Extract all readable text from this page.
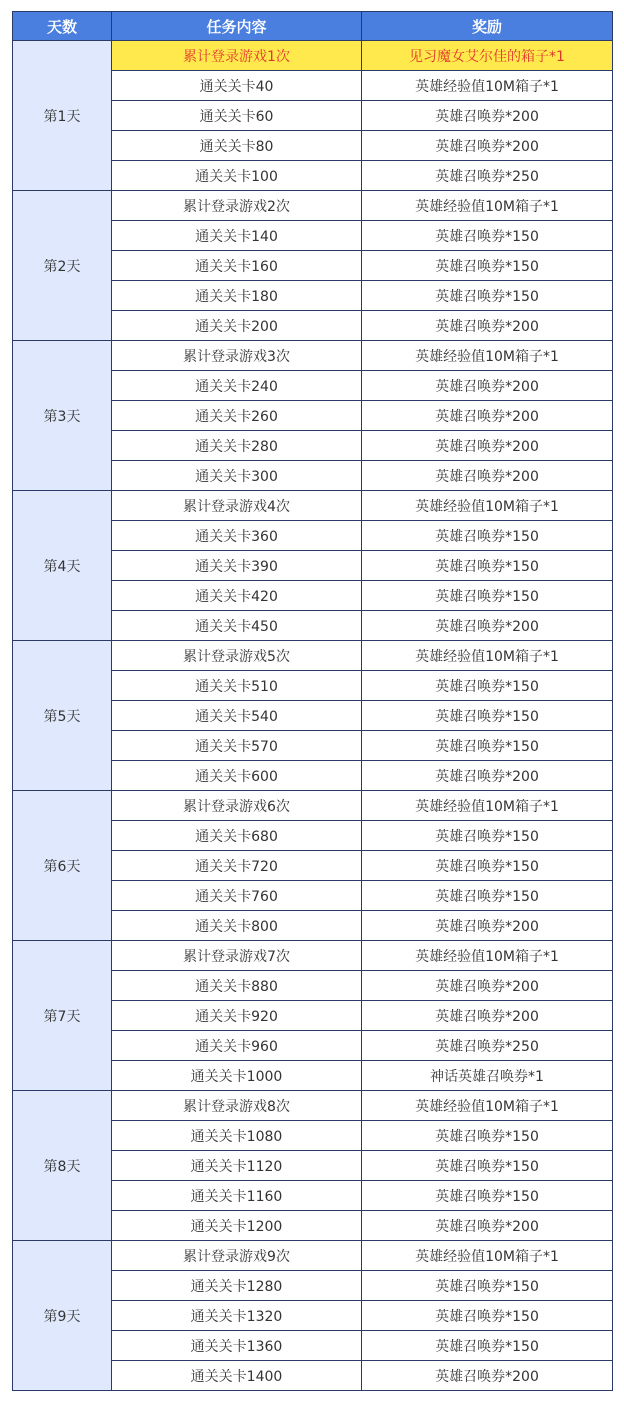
天数	任务内容	奖励
第1天	累计登录游戏1次	见习魔女艾尔佳的箱子*1
	通关关卡40	英雄经验值10M箱子*1
	通关关卡60	英雄召唤券*200
	通关关卡80	英雄召唤券*200
	通关关卡100	英雄召唤券*250
第2天	累计登录游戏2次	英雄经验值10M箱子*1
	通关关卡140	英雄召唤券*150
	通关关卡160	英雄召唤券*150
	通关关卡180	英雄召唤券*150
	通关关卡200	英雄召唤券*200
第3天	累计登录游戏3次	英雄经验值10M箱子*1
	通关关卡240	英雄召唤券*200
	通关关卡260	英雄召唤券*200
	通关关卡280	英雄召唤券*200
	通关关卡300	英雄召唤券*200
第4天	累计登录游戏4次	英雄经验值10M箱子*1
	通关关卡360	英雄召唤券*150
	通关关卡390	英雄召唤券*150
	通关关卡420	英雄召唤券*150
	通关关卡450	英雄召唤券*200
第5天	累计登录游戏5次	英雄经验值10M箱子*1
	通关关卡510	英雄召唤券*150
	通关关卡540	英雄召唤券*150
	通关关卡570	英雄召唤券*150
	通关关卡600	英雄召唤券*200
第6天	累计登录游戏6次	英雄经验值10M箱子*1
	通关关卡680	英雄召唤券*150
	通关关卡720	英雄召唤券*150
	通关关卡760	英雄召唤券*150
	通关关卡800	英雄召唤券*200
第7天	累计登录游戏7次	英雄经验值10M箱子*1
	通关关卡880	英雄召唤券*200
	通关关卡920	英雄召唤券*200
	通关关卡960	英雄召唤券*250
	通关关卡1000	神话英雄召唤券*1
第8天	累计登录游戏8次	英雄经验值10M箱子*1
	通关关卡1080	英雄召唤券*150
	通关关卡1120	英雄召唤券*150
	通关关卡1160	英雄召唤券*150
	通关关卡1200	英雄召唤券*200
第9天	累计登录游戏9次	英雄经验值10M箱子*1
	通关关卡1280	英雄召唤券*150
	通关关卡1320	英雄召唤券*150
	通关关卡1360	英雄召唤券*150
	通关关卡1400	英雄召唤券*200
